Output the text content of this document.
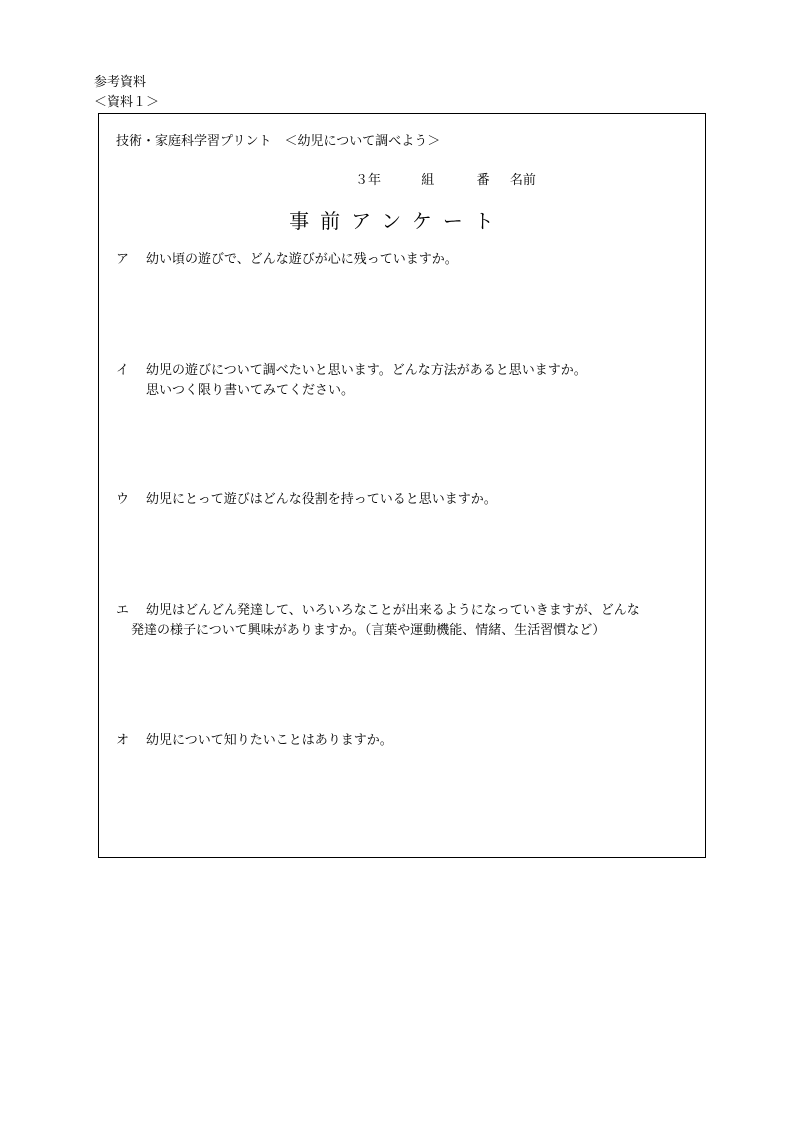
参考資料
＜資料１＞
技術・家庭科学習プリント　＜幼児について調べよう＞
３年	組	番 名前
事前アンケート
ア 幼い頃の遊びで、どんな遊びが心に残っていますか。
イ 幼児の遊びについて調べたいと思います。どんな方法があると思いますか。
思いつく限り書いてみてください。
ウ 幼児にとって遊びはどんな役割を持っていると思いますか。
エ 幼児はどんどん発達して、いろいろなことが出来るようになっていきますが、どんな
発達の様子について興味がありますか。（言葉や運動機能、情緒、生活習慣など）
オ 幼児について知りたいことはありますか。
